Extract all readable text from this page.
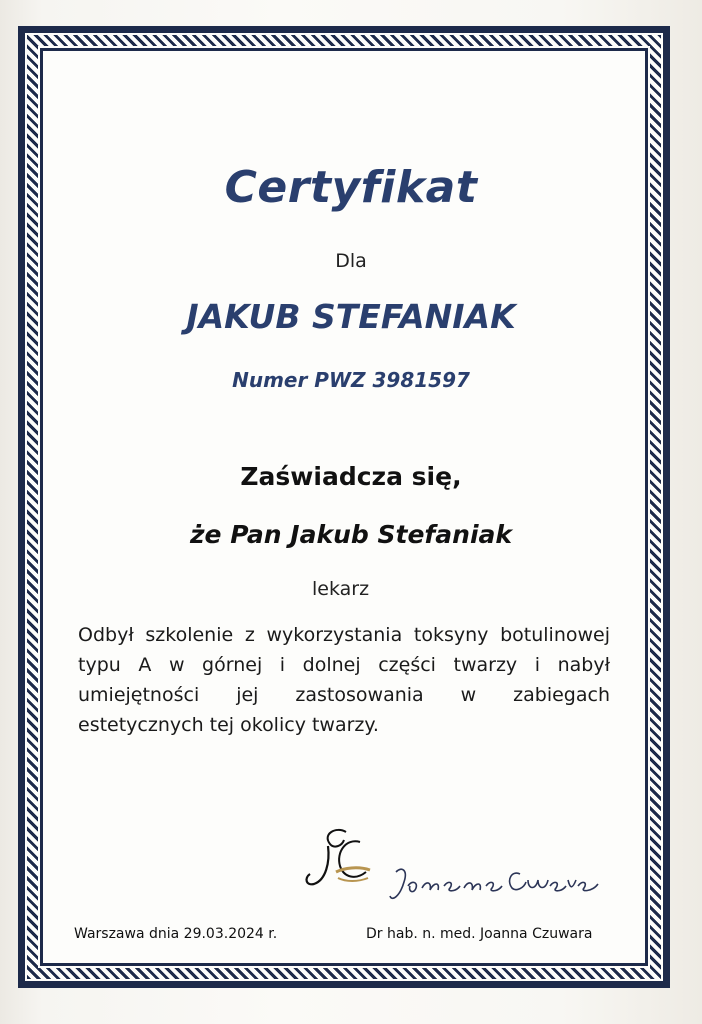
Certyfikat
Dla
JAKUB STEFANIAK
Numer PWZ 3981597
Zaświadcza się,
że Pan Jakub Stefaniak
lekarz
Odbył szkolenie z wykorzystania toksyny botulinowej typu A w górnej i dolnej części twarzy i nabył umiejętności jej zastosowania w zabiegach estetycznych tej okolicy twarzy.
Warszawa dnia 29.03.2024 r.	Dr hab. n. med. Joanna Czuwara
